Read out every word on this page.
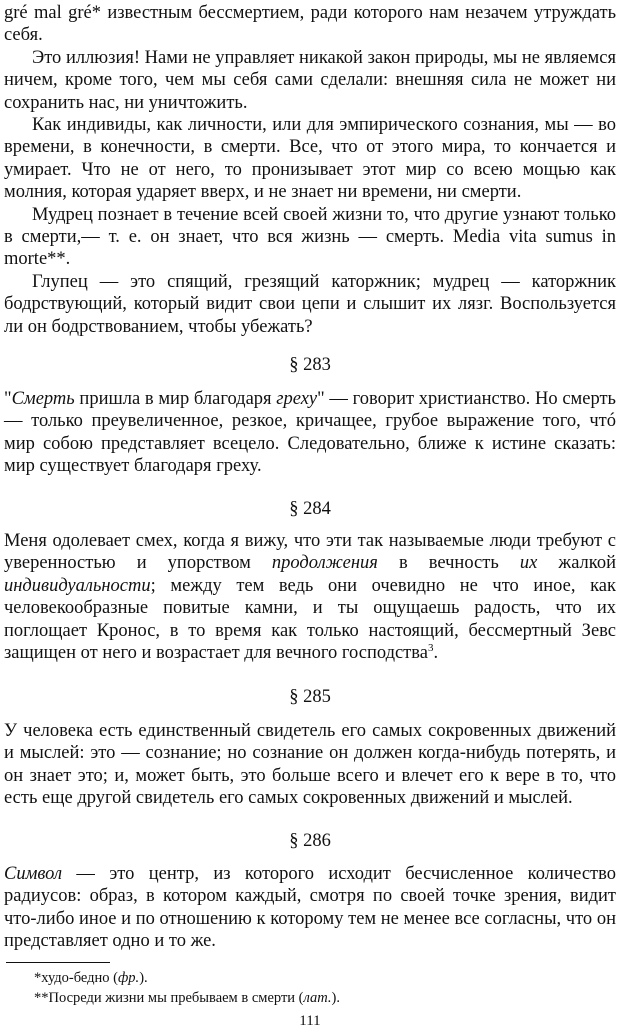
gré mal gré* известным бессмертием, ради которого нам незачем утруждать себя.

Это иллюзия! Нами не управляет никакой закон природы, мы не являемся ничем, кроме того, чем мы себя сами сделали: внешняя сила не может ни сохранить нас, ни уничтожить.

Как индивиды, как личности, или для эмпирического сознания, мы — во времени, в конечности, в смерти. Все, что от этого мира, то кончается и умирает. Что не от него, то пронизывает этот мир со всею мощью как молния, которая ударяет вверх, и не знает ни времени, ни смерти.

Мудрец познает в течение всей своей жизни то, что другие узнают только в смерти,— т. е. он знает, что вся жизнь — смерть. Media vita sumus in morte**.

Глупец — это спящий, грезящий каторжник; мудрец — каторжник бодрствующий, который видит свои цепи и слышит их лязг. Воспользуется ли он бодрствованием, чтобы убежать?

§ 283

"Смерть пришла в мир благодаря греху" — говорит христианство. Но смерть — только преувеличенное, резкое, кричащее, грубое выражение того, чтó мир собою представляет всецело. Следовательно, ближе к истине сказать: мир существует благодаря греху.

§ 284

Меня одолевает смех, когда я вижу, что эти так называемые люди требуют с уверенностью и упорством продолжения в вечность их жалкой индивидуальности; между тем ведь они очевидно не что иное, как человекообразные повитые камни, и ты ощущаешь радость, что их поглощает Кронос, в то время как только настоящий, бессмертный Зевс защищен от него и возрастает для вечного господства$^3$.

§ 285

У человека есть единственный свидетель его самых сокровенных движений и мыслей: это — сознание; но сознание он должен когда-нибудь потерять, и он знает это; и, может быть, это больше всего и влечет его к вере в то, что есть еще другой свидетель его самых сокровенных движений и мыслей.

§ 286

Символ — это центр, из которого исходит бесчисленное количество радиусов: образ, в котором каждый, смотря по своей точке зрения, видит что-либо иное и по отношению к которому тем не менее все согласны, что он представляет одно и то же.

*худо-бедно (фр.).

**Посреди жизни мы пребываем в смерти (лат.).

111
